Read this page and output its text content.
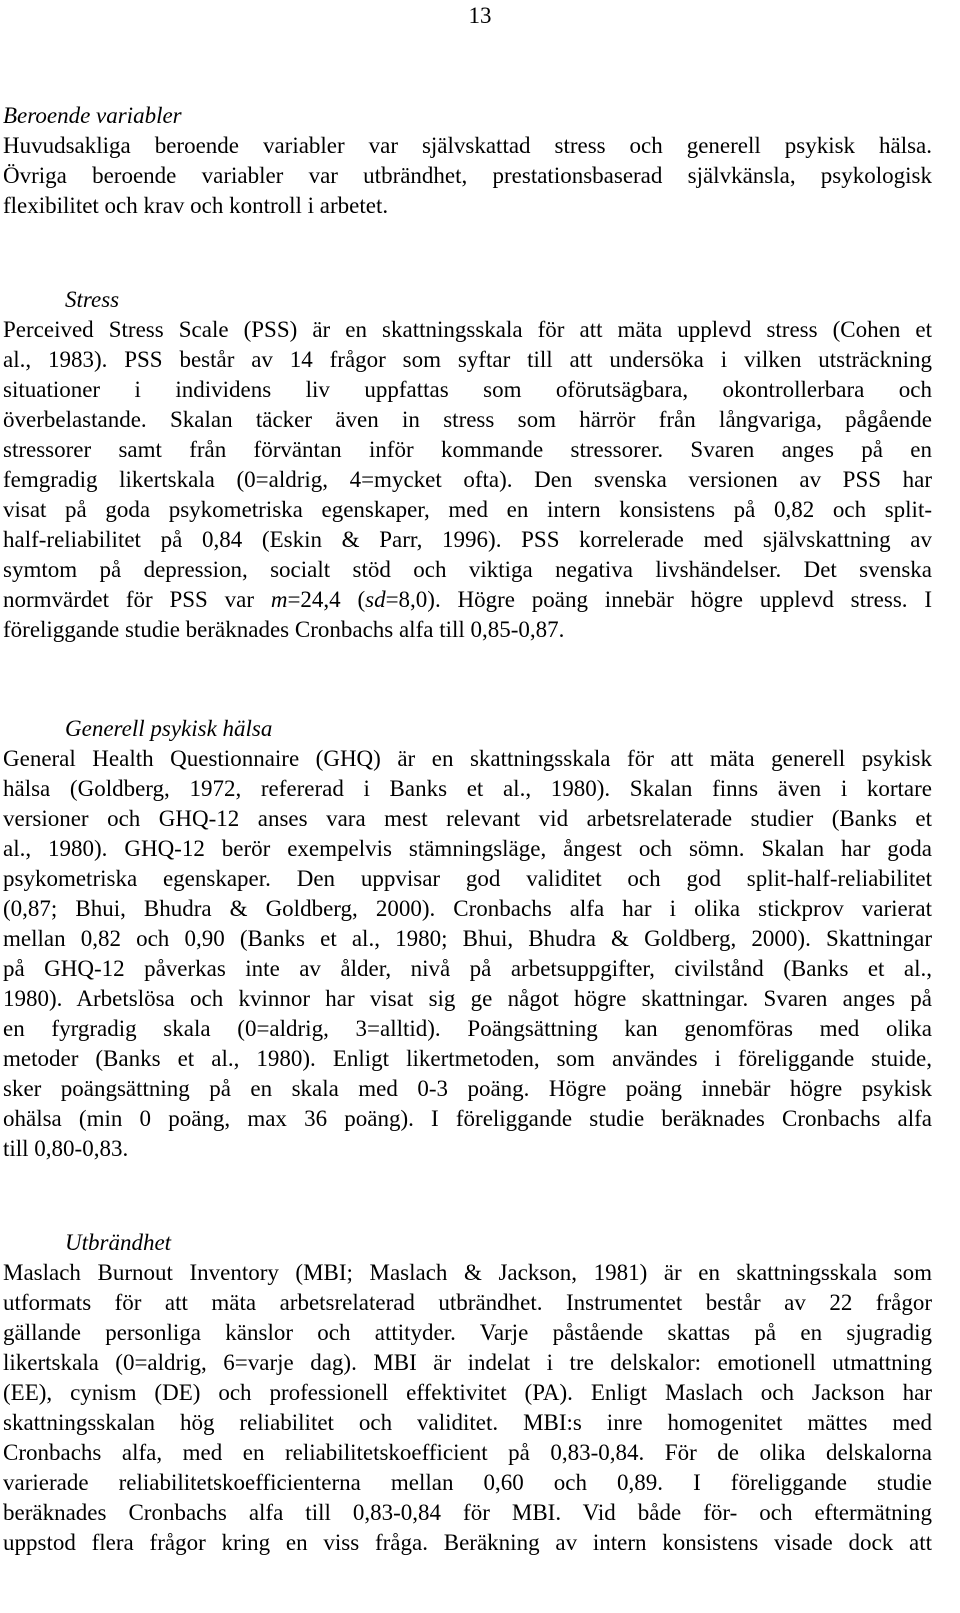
13
Beroende variabler

Huvudsakliga beroende variabler var självskattad stress och generell psykisk hälsa.
Övriga beroende variabler var utbrändhet, prestationsbaserad självkänsla, psykologisk
flexibilitet och krav och kontroll i arbetet.

Stress

Perceived Stress Scale (PSS) är en skattningsskala för att mäta upplevd stress (Cohen et
al., 1983). PSS består av 14 frågor som syftar till att undersöka i vilken utsträckning
situationer i individens liv uppfattas som oförutsägbara, okontrollerbara och
överbelastande. Skalan täcker även in stress som härrör från långvariga, pågående
stressorer samt från förväntan inför kommande stressorer. Svaren anges på en
femgradig likertskala (0=aldrig, 4=mycket ofta). Den svenska versionen av PSS har
visat på goda psykometriska egenskaper, med en intern konsistens på 0,82 och split-
half-reliabilitet på 0,84 (Eskin & Parr, 1996). PSS korrelerade med självskattning av
symtom på depression, socialt stöd och viktiga negativa livshändelser. Det svenska
normvärdet för PSS var m=24,4 (sd=8,0). Högre poäng innebär högre upplevd stress. I
föreliggande studie beräknades Cronbachs alfa till 0,85-0,87.

Generell psykisk hälsa

General Health Questionnaire (GHQ) är en skattningsskala för att mäta generell psykisk
hälsa (Goldberg, 1972, refererad i Banks et al., 1980). Skalan finns även i kortare
versioner och GHQ-12 anses vara mest relevant vid arbetsrelaterade studier (Banks et
al., 1980). GHQ-12 berör exempelvis stämningsläge, ångest och sömn. Skalan har goda
psykometriska egenskaper. Den uppvisar god validitet och god split-half-reliabilitet
(0,87; Bhui, Bhudra & Goldberg, 2000). Cronbachs alfa har i olika stickprov varierat
mellan 0,82 och 0,90 (Banks et al., 1980; Bhui, Bhudra & Goldberg, 2000). Skattningar
på GHQ-12 påverkas inte av ålder, nivå på arbetsuppgifter, civilstånd (Banks et al.,
1980). Arbetslösa och kvinnor har visat sig ge något högre skattningar. Svaren anges på
en fyrgradig skala (0=aldrig, 3=alltid). Poängsättning kan genomföras med olika
metoder (Banks et al., 1980). Enligt likertmetoden, som användes i föreliggande stuide,
sker poängsättning på en skala med 0-3 poäng. Högre poäng innebär högre psykisk
ohälsa (min 0 poäng, max 36 poäng). I föreliggande studie beräknades Cronbachs alfa
till 0,80-0,83.

Utbrändhet

Maslach Burnout Inventory (MBI; Maslach & Jackson, 1981) är en skattningsskala som
utformats för att mäta arbetsrelaterad utbrändhet. Instrumentet består av 22 frågor
gällande personliga känslor och attityder. Varje påstående skattas på en sjugradig
likertskala (0=aldrig, 6=varje dag). MBI är indelat i tre delskalor: emotionell utmattning
(EE), cynism (DE) och professionell effektivitet (PA). Enligt Maslach och Jackson har
skattningsskalan hög reliabilitet och validitet. MBI:s inre homogenitet mättes med
Cronbachs alfa, med en reliabilitetskoefficient på 0,83-0,84. För de olika delskalorna
varierade reliabilitetskoefficienterna mellan 0,60 och 0,89. I föreliggande studie
beräknades Cronbachs alfa till 0,83-0,84 för MBI. Vid både för- och eftermätning
uppstod flera frågor kring en viss fråga. Beräkning av intern konsistens visade dock att
